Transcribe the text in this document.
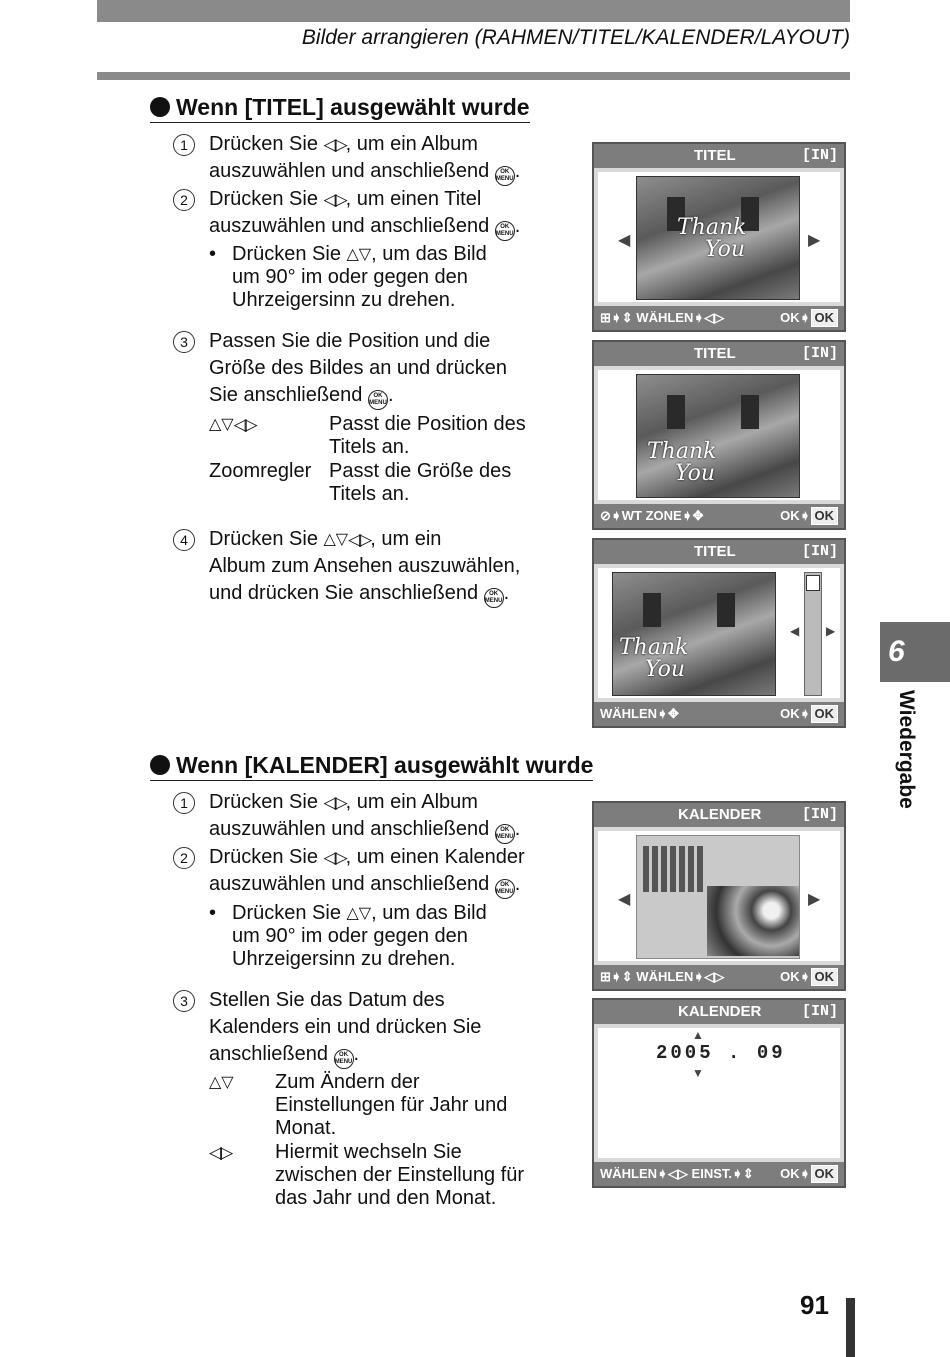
Bilder arrangieren (RAHMEN/TITEL/KALENDER/LAYOUT)
Wenn [TITEL] ausgewählt wurde
1	Drücken Sie ◁▷, um ein Album
auszuwählen und anschließend OK
MENU.
2	Drücken Sie ◁▷, um einen Titel
auszuwählen und anschließend OK
MENU.
• Drücken Sie △▽, um das Bild
um 90° im oder gegen den
Uhrzeigersinn zu drehen.
3	Passen Sie die Position und die
Größe des Bildes an und drücken
Sie anschließend OK
MENU.
△▽◁▷	Passt die Position des
Titels an.
Zoomregler Passt die Größe des
Titels an.
4	Drücken Sie △▽◁▷, um ein
Album zum Ansehen auszuwählen,
und drücken Sie anschließend OK
MENU.
TITEL	[IN]
◀
Thank
You	▶
⊞➧⇕ WÄHLEN➧◁▷	OK➧ OK
TITEL	[IN]
Thank
You
⊘➧WT ZONE➧✥	OK➧ OK
TITEL	[IN]
Thank
You
◀ ▶
WÄHLEN➧✥	OK➧ OK
Wenn [KALENDER] ausgewählt wurde
1	Drücken Sie ◁▷, um ein Album
auszuwählen und anschließend OK
MENU.
2	Drücken Sie ◁▷, um einen Kalender
auszuwählen und anschließend OK
MENU.
• Drücken Sie △▽, um das Bild
um 90° im oder gegen den
Uhrzeigersinn zu drehen.
3	Stellen Sie das Datum des
Kalenders ein und drücken Sie
anschließend OK
MENU.
△▽ Zum Ändern der
Einstellungen für Jahr und
Monat.
◁▷ Hiermit wechseln Sie
zwischen der Einstellung für
das Jahr und den Monat.
KALENDER	[IN]
◀	▶
⊞➧⇕ WÄHLEN➧◁▷	OK➧ OK
KALENDER	[IN]
▲
2005 . 09
▼
WÄHLEN➧◁▷ EINST.➧⇕ OK➧ OK
6
Wiedergabe
91
